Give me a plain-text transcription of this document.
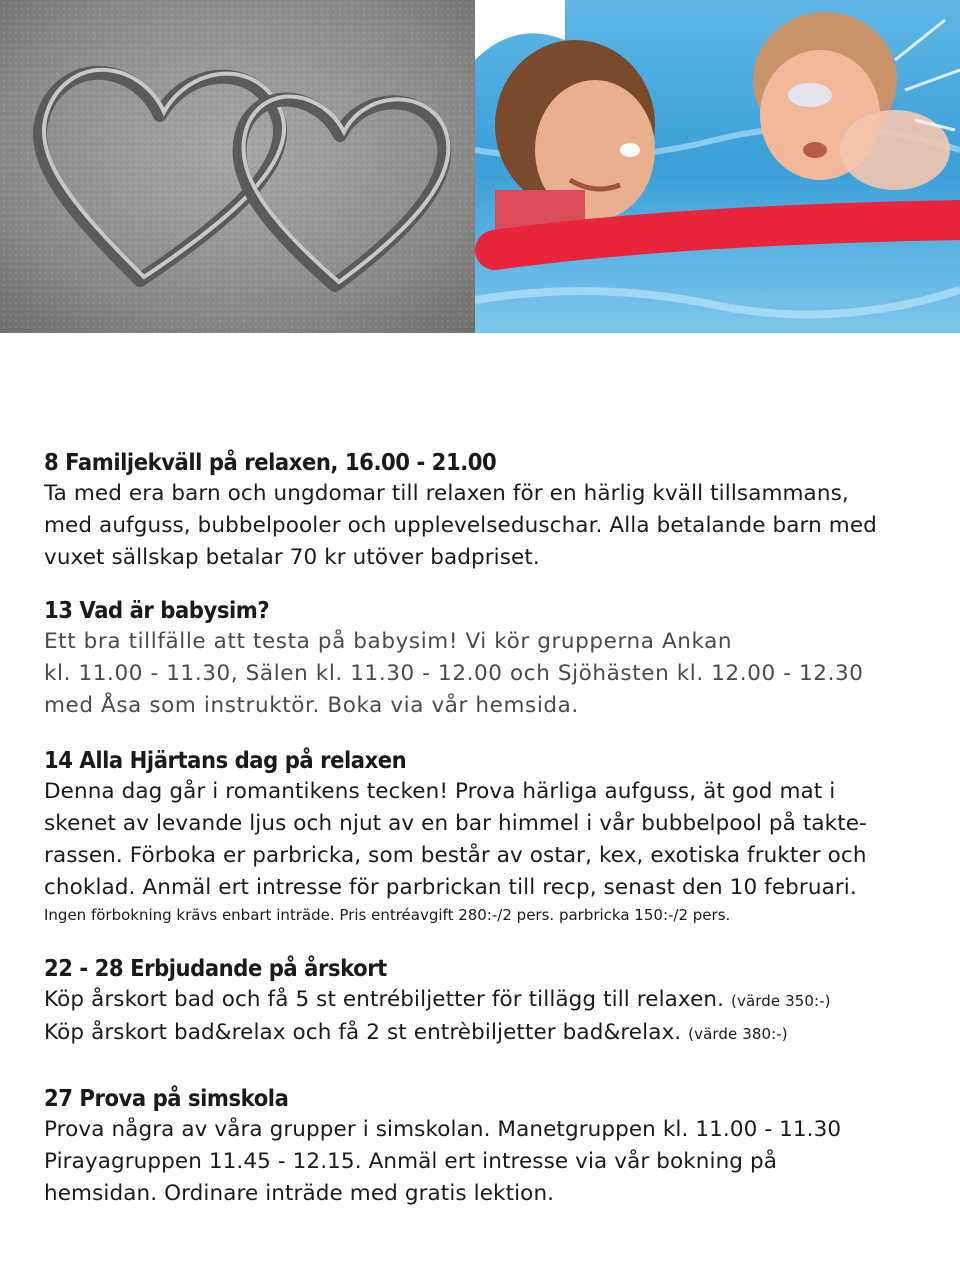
8 Familjekväll på relaxen, 16.00 - 21.00

Ta med era barn och ungdomar till relaxen för en härlig kväll tillsammans,

med aufguss, bubbelpooler och upplevelseduschar. Alla betalande barn med

vuxet sällskap betalar 70 kr utöver badpriset.

13 Vad är babysim?

Ett bra tillfälle att testa på babysim! Vi kör grupperna Ankan

kl. 11.00 - 11.30, Sälen kl. 11.30 - 12.00 och Sjöhästen kl. 12.00 - 12.30

med Åsa som instruktör. Boka via vår hemsida.

14 Alla Hjärtans dag på relaxen

Denna dag går i romantikens tecken! Prova härliga aufguss, ät god mat i

skenet av levande ljus och njut av en bar himmel i vår bubbelpool på takte-

rassen. Förboka er parbricka, som består av ostar, kex, exotiska frukter och

choklad. Anmäl ert intresse för parbrickan till recp, senast den 10 februari.

Ingen förbokning krävs enbart inträde. Pris entréavgift 280:-/2 pers. parbricka 150:-/2 pers.

22 - 28 Erbjudande på årskort

Köp årskort bad och få 5 st entrébiljetter för tillägg till relaxen. (värde 350:-)

Köp årskort bad&relax och få 2 st entrèbiljetter bad&relax. (värde 380:-)

27 Prova på simskola

Prova några av våra grupper i simskolan. Manetgruppen kl. 11.00 - 11.30

Pirayagruppen 11.45 - 12.15. Anmäl ert intresse via vår bokning på

hemsidan. Ordinare inträde med gratis lektion.
